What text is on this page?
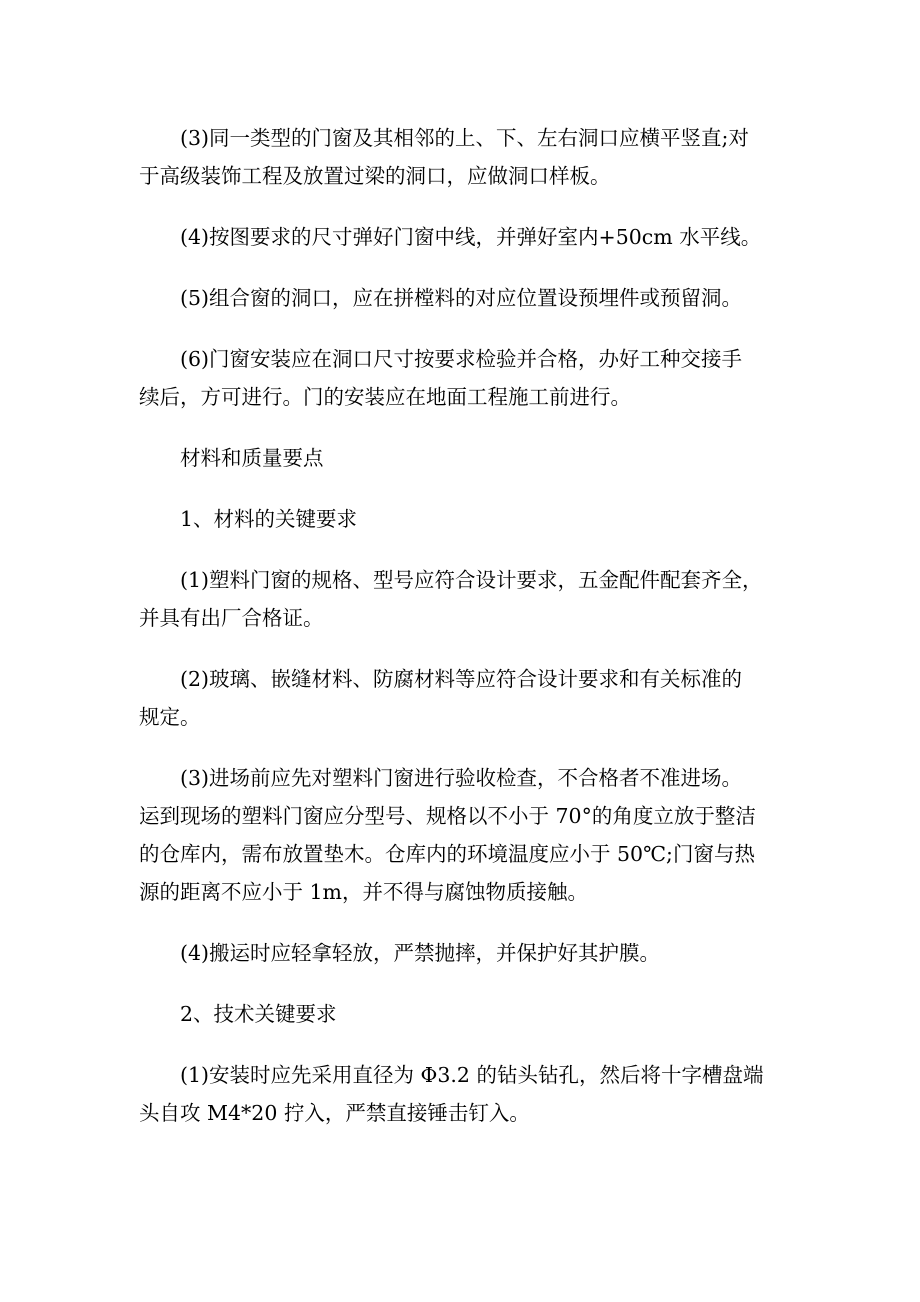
(3)同一类型的门窗及其相邻的上、下、左右洞口应横平竖直;对
于高级装饰工程及放置过梁的洞口，应做洞口样板。

(4)按图要求的尺寸弹好门窗中线，并弹好室内+50cm 水平线。

(5)组合窗的洞口，应在拼樘料的对应位置设预埋件或预留洞。

(6)门窗安装应在洞口尺寸按要求检验并合格，办好工种交接手
续后，方可进行。门的安装应在地面工程施工前进行。

材料和质量要点

1、材料的关键要求

(1)塑料门窗的规格、型号应符合设计要求，五金配件配套齐全，
并具有出厂合格证。

(2)玻璃、嵌缝材料、防腐材料等应符合设计要求和有关标准的
规定。

(3)进场前应先对塑料门窗进行验收检查，不合格者不准进场。
运到现场的塑料门窗应分型号、规格以不小于 70°的角度立放于整洁
的仓库内，需布放置垫木。仓库内的环境温度应小于 50℃;门窗与热
源的距离不应小于 1m，并不得与腐蚀物质接触。

(4)搬运时应轻拿轻放，严禁抛摔，并保护好其护膜。

2、技术关键要求

(1)安装时应先采用直径为 Φ3.2 的钻头钻孔，然后将十字槽盘端
头自攻 M4*20 拧入，严禁直接锤击钉入。
